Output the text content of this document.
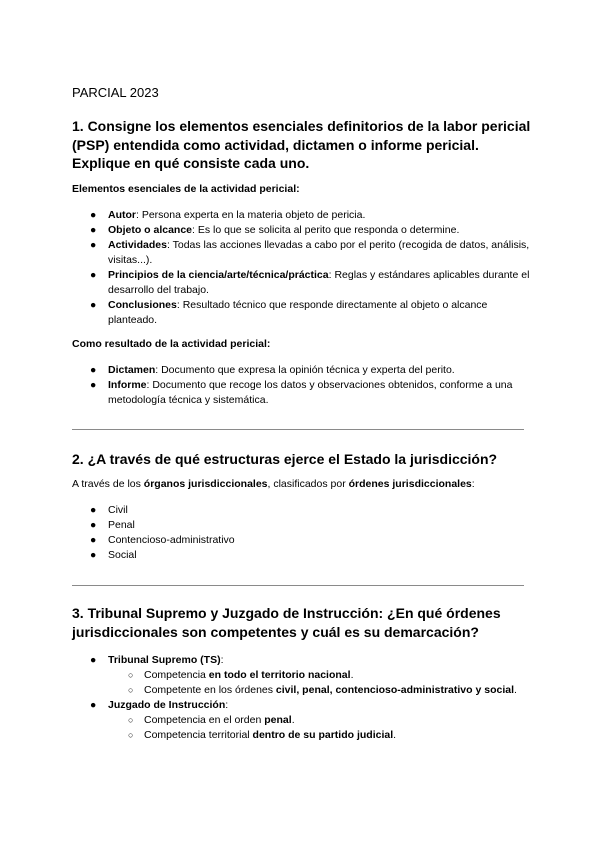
PARCIAL 2023
1. Consigne los elementos esenciales definitorios de la labor pericial (PSP) entendida como actividad, dictamen o informe pericial. Explique en qué consiste cada uno.
Elementos esenciales de la actividad pericial:
● Autor: Persona experta en la materia objeto de pericia.
● Objeto o alcance: Es lo que se solicita al perito que responda o determine.
● Actividades: Todas las acciones llevadas a cabo por el perito (recogida de datos, análisis, visitas...).
● Principios de la ciencia/arte/técnica/práctica: Reglas y estándares aplicables durante el desarrollo del trabajo.
● Conclusiones: Resultado técnico que responde directamente al objeto o alcance planteado.
Como resultado de la actividad pericial:
● Dictamen: Documento que expresa la opinión técnica y experta del perito.
● Informe: Documento que recoge los datos y observaciones obtenidos, conforme a una metodología técnica y sistemática.
2. ¿A través de qué estructuras ejerce el Estado la jurisdicción?
A través de los órganos jurisdiccionales, clasificados por órdenes jurisdiccionales:
● Civil
● Penal
● Contencioso-administrativo
● Social
3. Tribunal Supremo y Juzgado de Instrucción: ¿En qué órdenes jurisdiccionales son competentes y cuál es su demarcación?
● Tribunal Supremo (TS):
○ Competencia en todo el territorio nacional.
○ Competente en los órdenes civil, penal, contencioso-administrativo y social.
● Juzgado de Instrucción:
○ Competencia en el orden penal.
○ Competencia territorial dentro de su partido judicial.
